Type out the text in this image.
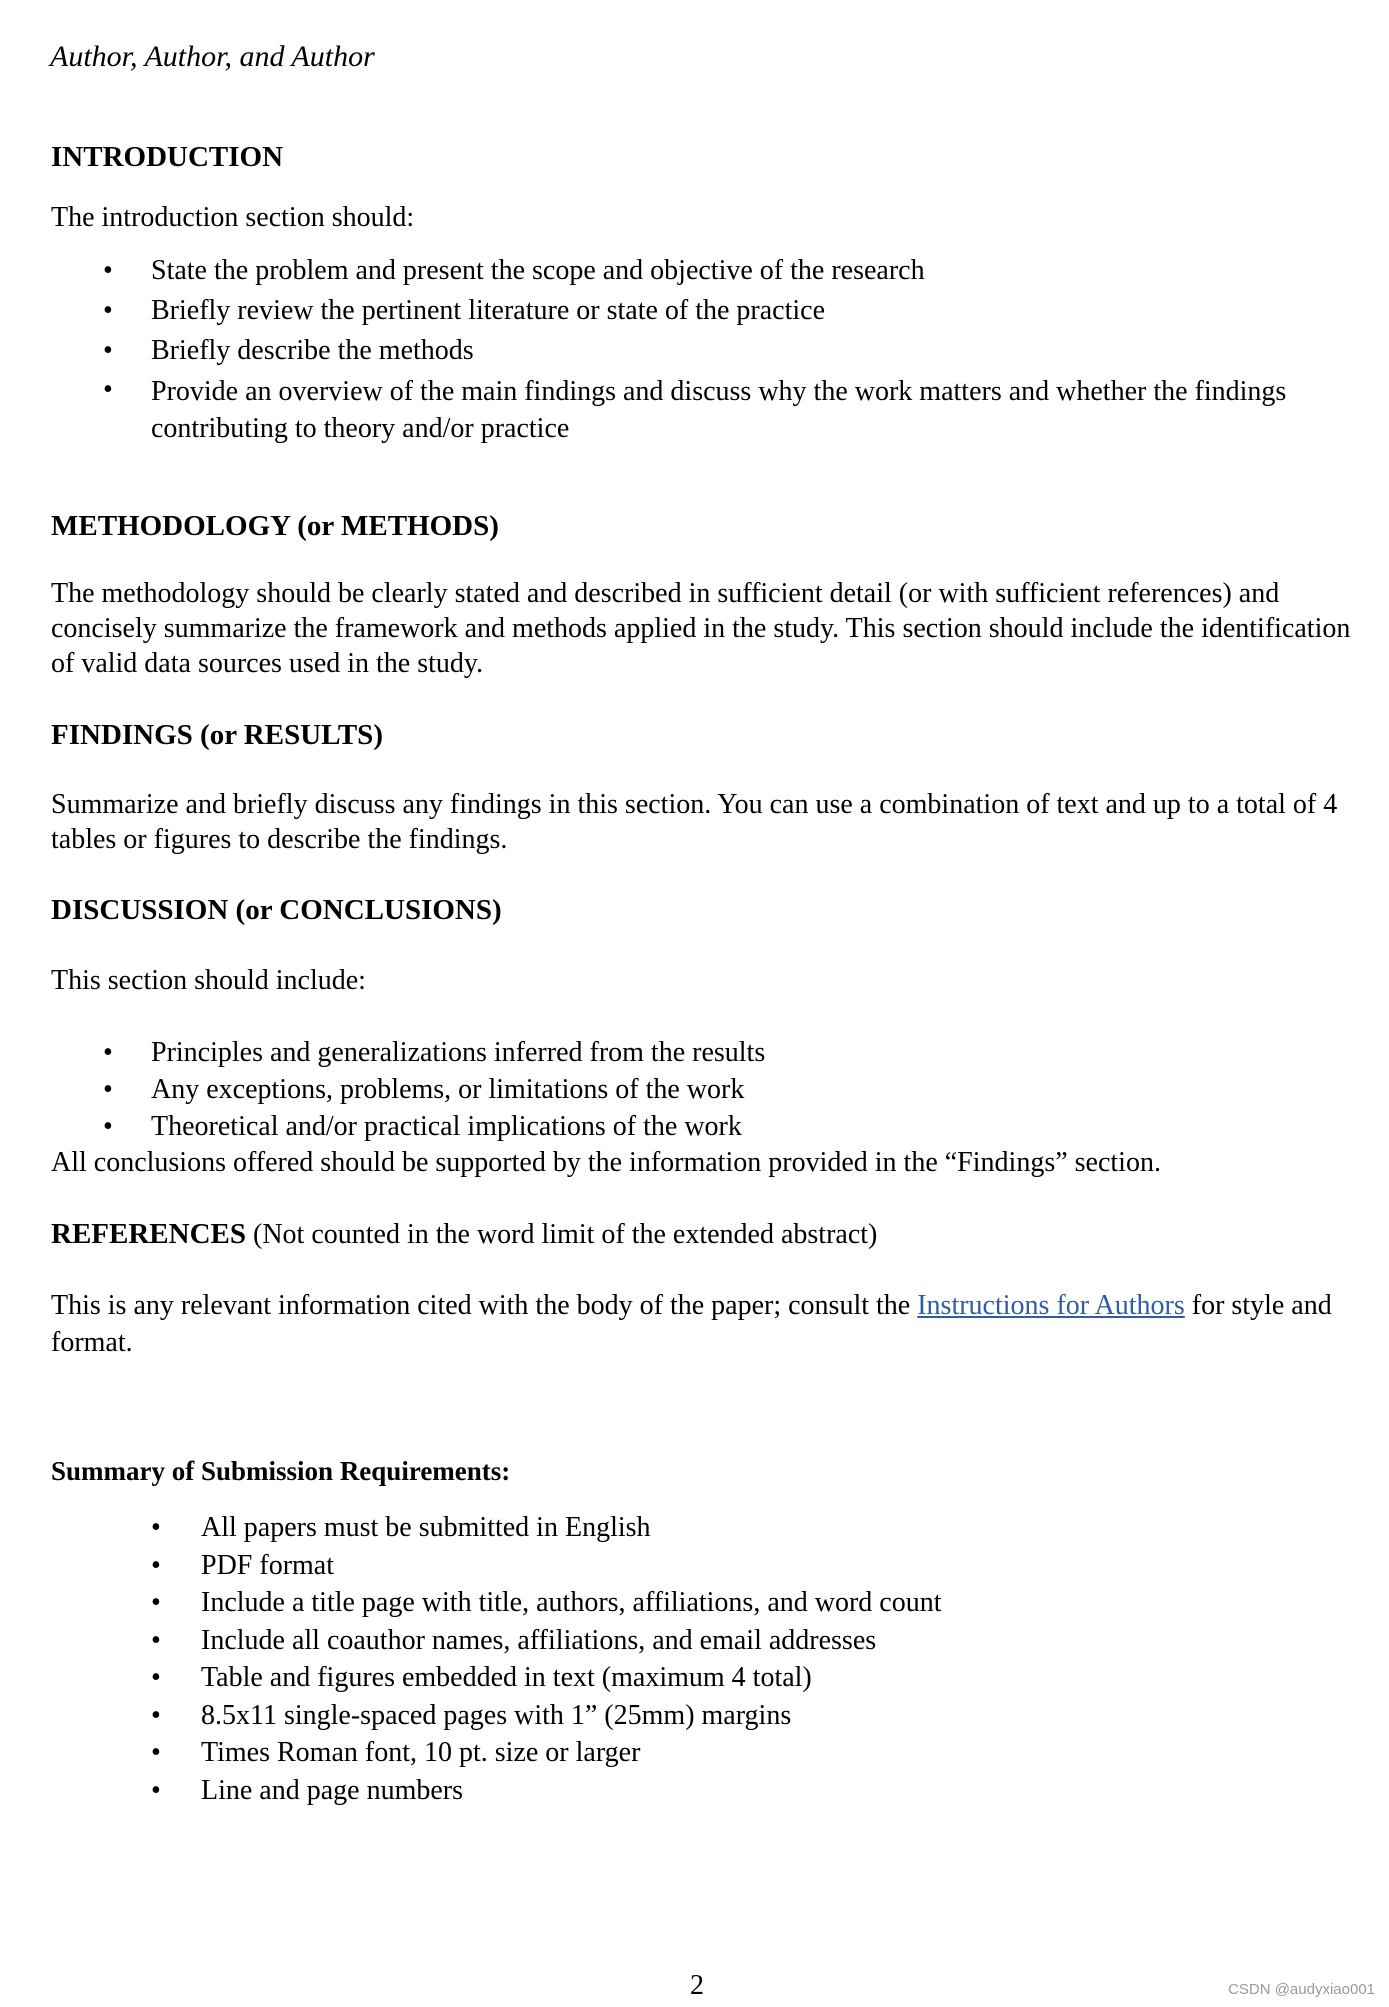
Author, Author, and Author
INTRODUCTION

The introduction section should:

• State the problem and present the scope and objective of the research
• Briefly review the pertinent literature or state of the practice
• Briefly describe the methods
• Provide an overview of the main findings and discuss why the work matters and whether the findings contributing to theory and/or practice
METHODOLOGY (or METHODS)

The methodology should be clearly stated and described in sufficient detail (or with sufficient references) and concisely summarize the framework and methods applied in the study. This section should include the identification of valid data sources used in the study.

FINDINGS (or RESULTS)

Summarize and briefly discuss any findings in this section. You can use a combination of text and up to a total of 4 tables or figures to describe the findings.

DISCUSSION (or CONCLUSIONS)

This section should include:

• Principles and generalizations inferred from the results
• Any exceptions, problems, or limitations of the work
• Theoretical and/or practical implications of the work

All conclusions offered should be supported by the information provided in the “Findings” section.

REFERENCES (Not counted in the word limit of the extended abstract)

This is any relevant information cited with the body of the paper; consult the Instructions for Authors for style and format.

Summary of Submission Requirements:
• All papers must be submitted in English
• PDF format
• Include a title page with title, authors, affiliations, and word count
• Include all coauthor names, affiliations, and email addresses
• Table and figures embedded in text (maximum 4 total)
• 8.5x11 single-spaced pages with 1” (25mm) margins
• Times Roman font, 10 pt. size or larger
• Line and page numbers
2	CSDN @audyxiao001
